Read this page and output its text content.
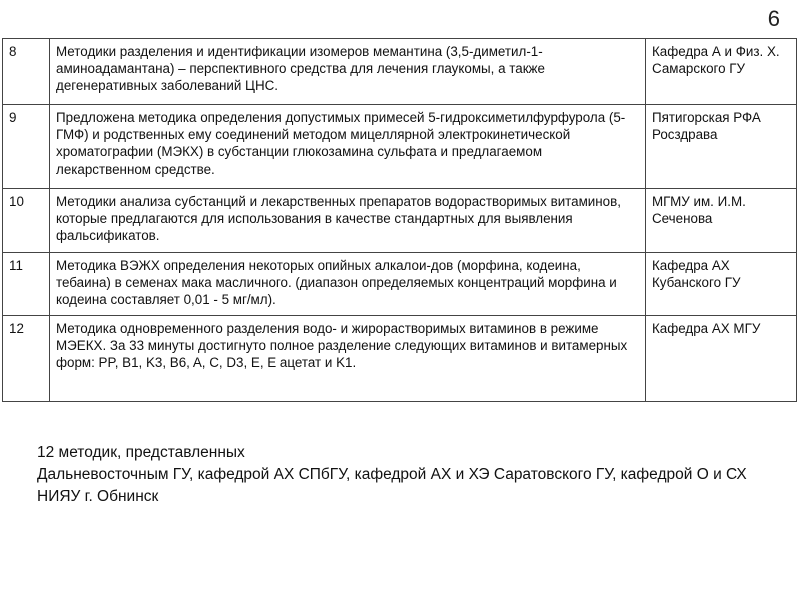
6
8	Методики разделения и идентификации изомеров мемантина (3,5-диметил-1-аминоадамантана) – перспективного средства для лечения глаукомы, а также дегенеративных заболеваний ЦНС.	Кафедра А и Физ. Х. Самарского ГУ
9	Предложена методика определения допустимых примесей 5-гидроксиметилфурфурола (5-ГМФ) и родственных ему соединений методом мицеллярной электрокинетической хроматографии (МЭКХ) в субстанции глюкозамина сульфата и предлагаемом лекарственном средстве.	Пятигорская РФА Росздрава
10	Методики анализа субстанций и лекарственных препаратов водорастворимых витаминов, которые предлагаются для использования в качестве стандартных для выявления фальсификатов.	МГМУ им. И.М. Сеченова
11	Методика ВЭЖХ определения некоторых опийных алкалои-дов (морфина, кодеина, тебаина) в семенах мака масличного. (диапазон определяемых концентраций морфина и кодеина составляет 0,01 - 5 мг/мл).	Кафедра АХ Кубанского ГУ
12	Методика одновременного разделения водо- и жирорастворимых витаминов в режиме МЭЕКХ. За 33 минуты достигнуто полное разделение следующих витаминов и витамерных форм: PP, B1, K3, B6, A, C, D3, E, E ацетат и K1.	Кафедра АХ МГУ

12 методик, представленных

Дальневосточным ГУ, кафедрой АХ СПбГУ, кафедрой АХ и ХЭ Саратовского ГУ, кафедрой О и СХ НИЯУ г. Обнинск
